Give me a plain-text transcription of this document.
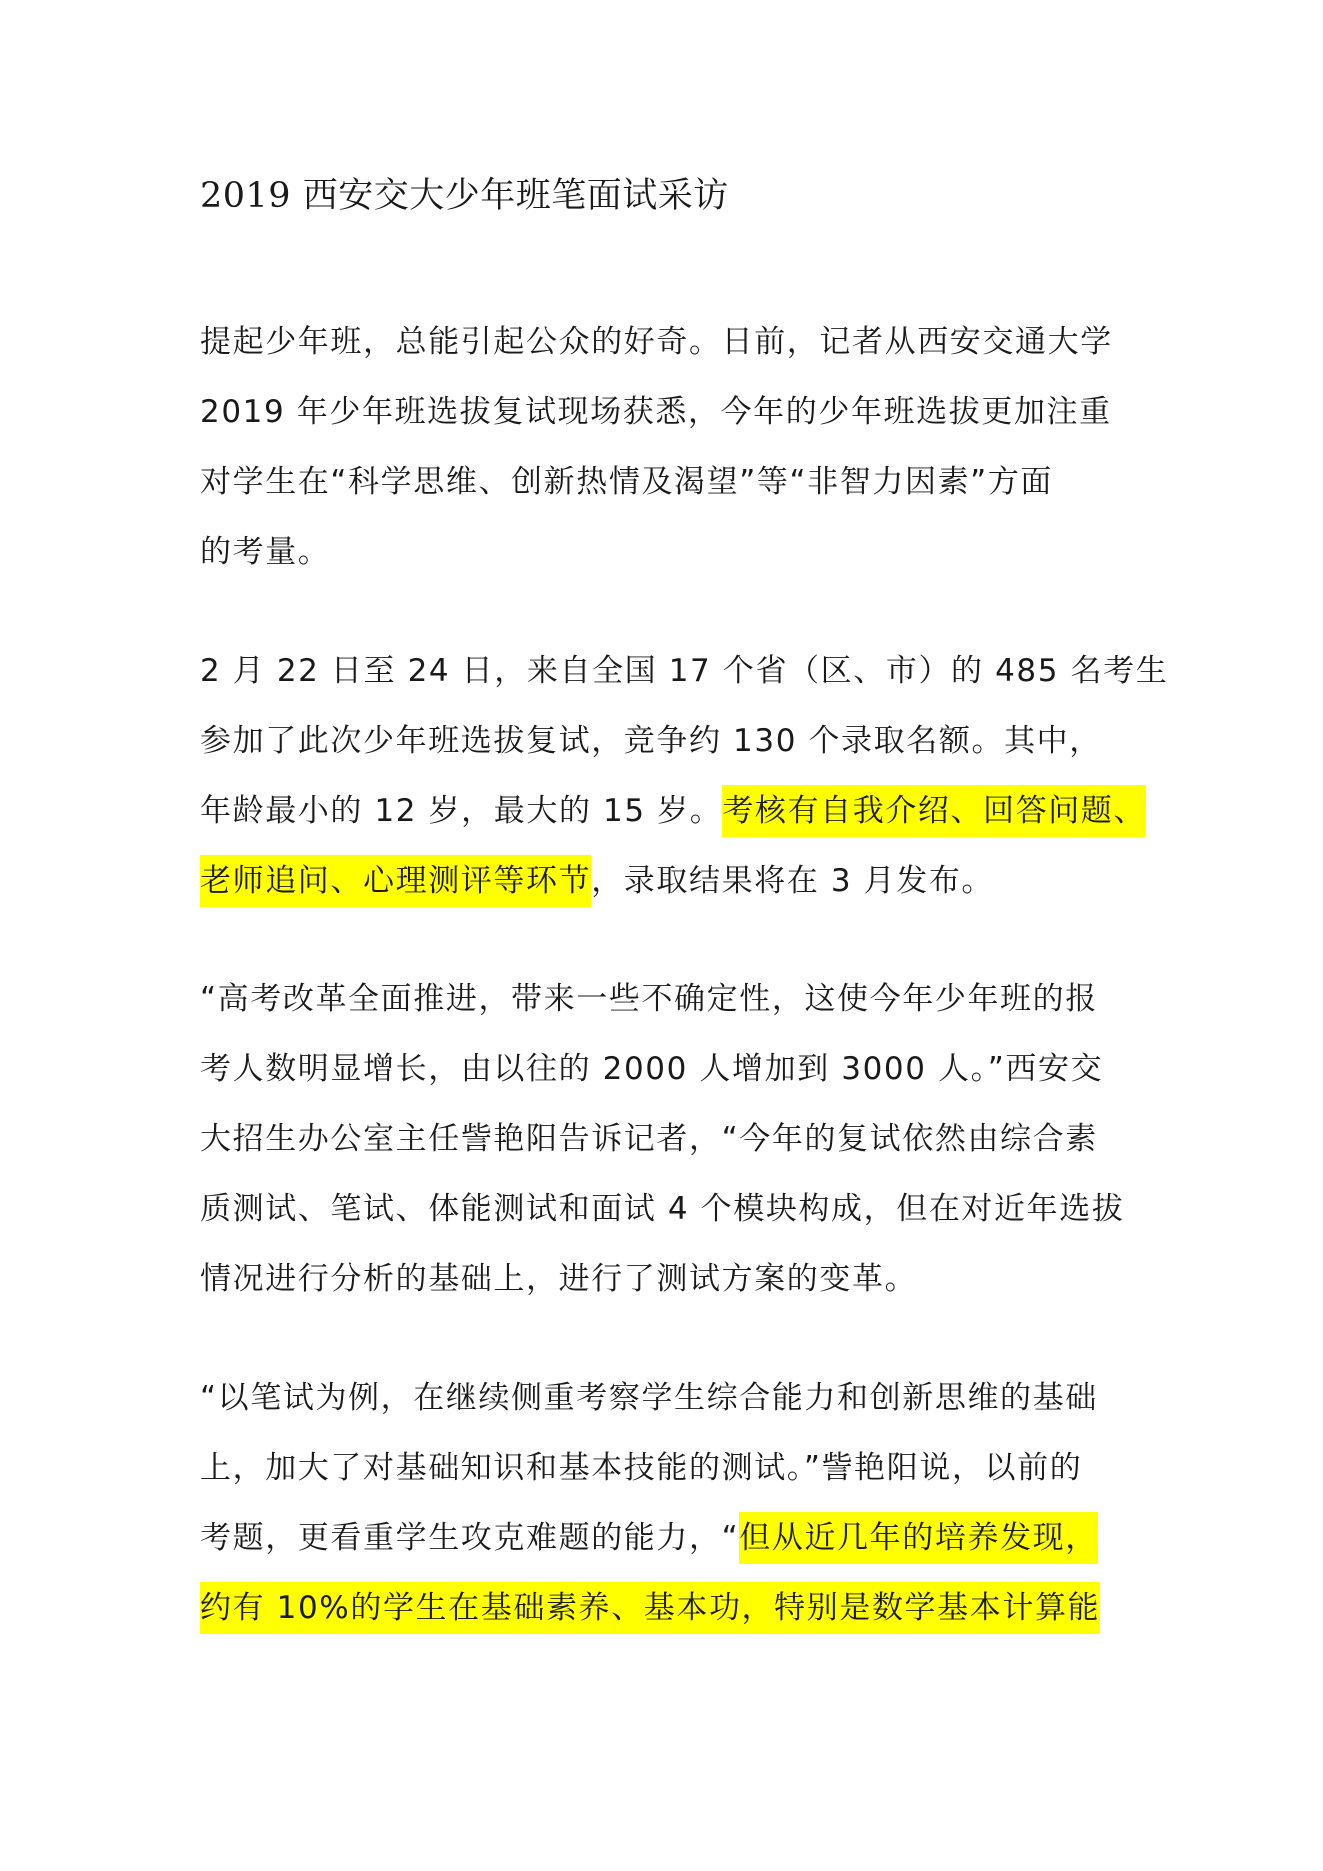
2019 西安交大少年班笔面试采访
提起少年班，总能引起公众的好奇。日前，记者从西安交通大学
2019 年少年班选拔复试现场获悉，今年的少年班选拔更加注重
对学生在“科学思维、创新热情及渴望”等“非智力因素”方面
的考量。
2 月 22 日至 24 日，来自全国 17 个省（区、市）的 485 名考生
参加了此次少年班选拔复试，竞争约 130 个录取名额。其中，
年龄最小的 12 岁，最大的 15 岁。考核有自我介绍、回答问题、
老师追问、心理测评等环节，录取结果将在 3 月发布。
“高考改革全面推进，带来一些不确定性，这使今年少年班的报
考人数明显增长，由以往的 2000 人增加到 3000 人。”西安交
大招生办公室主任訾艳阳告诉记者，“今年的复试依然由综合素
质测试、笔试、体能测试和面试 4 个模块构成，但在对近年选拔
情况进行分析的基础上，进行了测试方案的变革。
“以笔试为例，在继续侧重考察学生综合能力和创新思维的基础
上，加大了对基础知识和基本技能的测试。”訾艳阳说，以前的
考题，更看重学生攻克难题的能力，“但从近几年的培养发现，
约有 10%的学生在基础素养、基本功，特别是数学基本计算能
